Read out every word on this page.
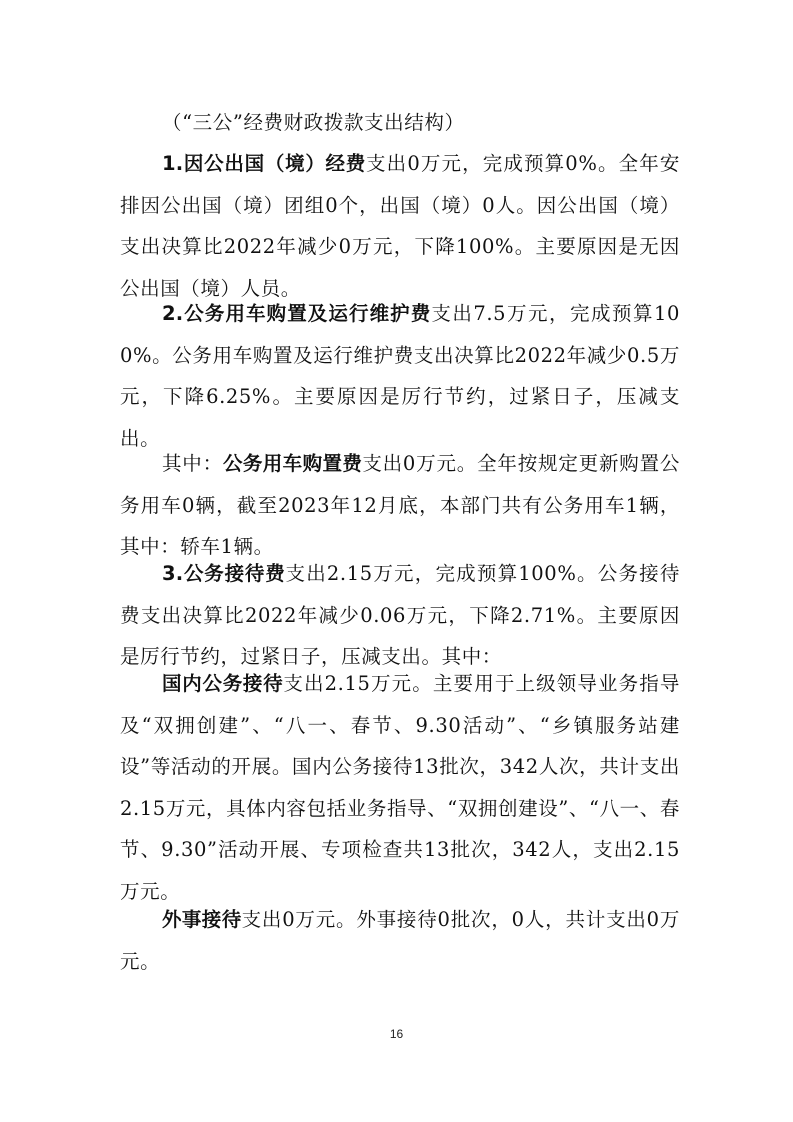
（“三公”经费财政拨款支出结构）
1.因公出国（境）经费支出0万元，完成预算0%。全年安排因公出国（境）团组0个，出国（境）0人。因公出国（境）支出决算比2022年减少0万元，下降100%。主要原因是无因公出国（境）人员。
2.公务用车购置及运行维护费支出7.5万元，完成预算100%。公务用车购置及运行维护费支出决算比2022年减少0.5万元，下降6.25%。主要原因是厉行节约，过紧日子，压减支出。
其中：公务用车购置费支出0万元。全年按规定更新购置公务用车0辆，截至2023年12月底，本部门共有公务用车1辆，其中：轿车1辆。
3.公务接待费支出2.15万元，完成预算100%。公务接待费支出决算比2022年减少0.06万元，下降2.71%。主要原因是厉行节约，过紧日子，压减支出。其中：
国内公务接待支出2.15万元。主要用于上级领导业务指导及“双拥创建”、“八一、春节、9.30活动”、“乡镇服务站建设”等活动的开展。国内公务接待13批次，342人次，共计支出2.15万元，具体内容包括业务指导、“双拥创建设”、“八一、春节、9.30”活动开展、专项检查共13批次，342人，支出2.15万元。
外事接待支出0万元。外事接待0批次，0人，共计支出0万元。
16
